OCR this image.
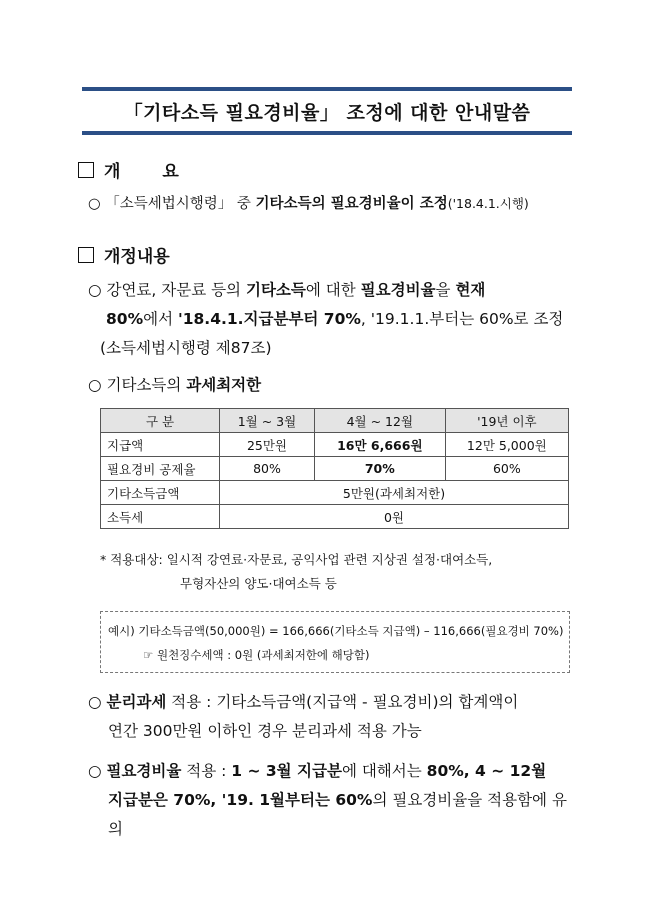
「기타소득 필요경비율」 조정에 대한 안내말씀
개 요
○ 「소득세법시행령」 중 기타소득의 필요경비율이 조정('18.4.1.시행)
개정내용
○ 강연료, 자문료 등의 기타소득에 대한 필요경비율을 현재
80%에서 '18.4.1.지급분부터 70%, '19.1.1.부터는 60%로 조정
(소득세법시행령 제87조)
○ 기타소득의 과세최저한
구 분	1월 ~ 3월	4월 ~ 12월	'19년 이후
지급액	25만원	16만 6,666원	12만 5,000원
필요경비 공제율	80%	70%	60%
기타소득금액	5만원(과세최저한)		
소득세	0원		
* 적용대상: 일시적 강연료·자문료, 공익사업 관련 지상권 설정·대여소득,
무형자산의 양도·대여소득 등
예시) 기타소득금액(50,000원) = 166,666(기타소득 지급액) – 116,666(필요경비 70%)
☞ 원천징수세액 : 0원 (과세최저한에 해당함)
○ 분리과세 적용 : 기타소득금액(지급액 - 필요경비)의 합계액이
연간 300만원 이하인 경우 분리과세 적용 가능
○ 필요경비율 적용 : 1 ~ 3월 지급분에 대해서는 80%, 4 ~ 12월
지급분은 70%, '19. 1월부터는 60%의 필요경비율을 적용함에 유의
